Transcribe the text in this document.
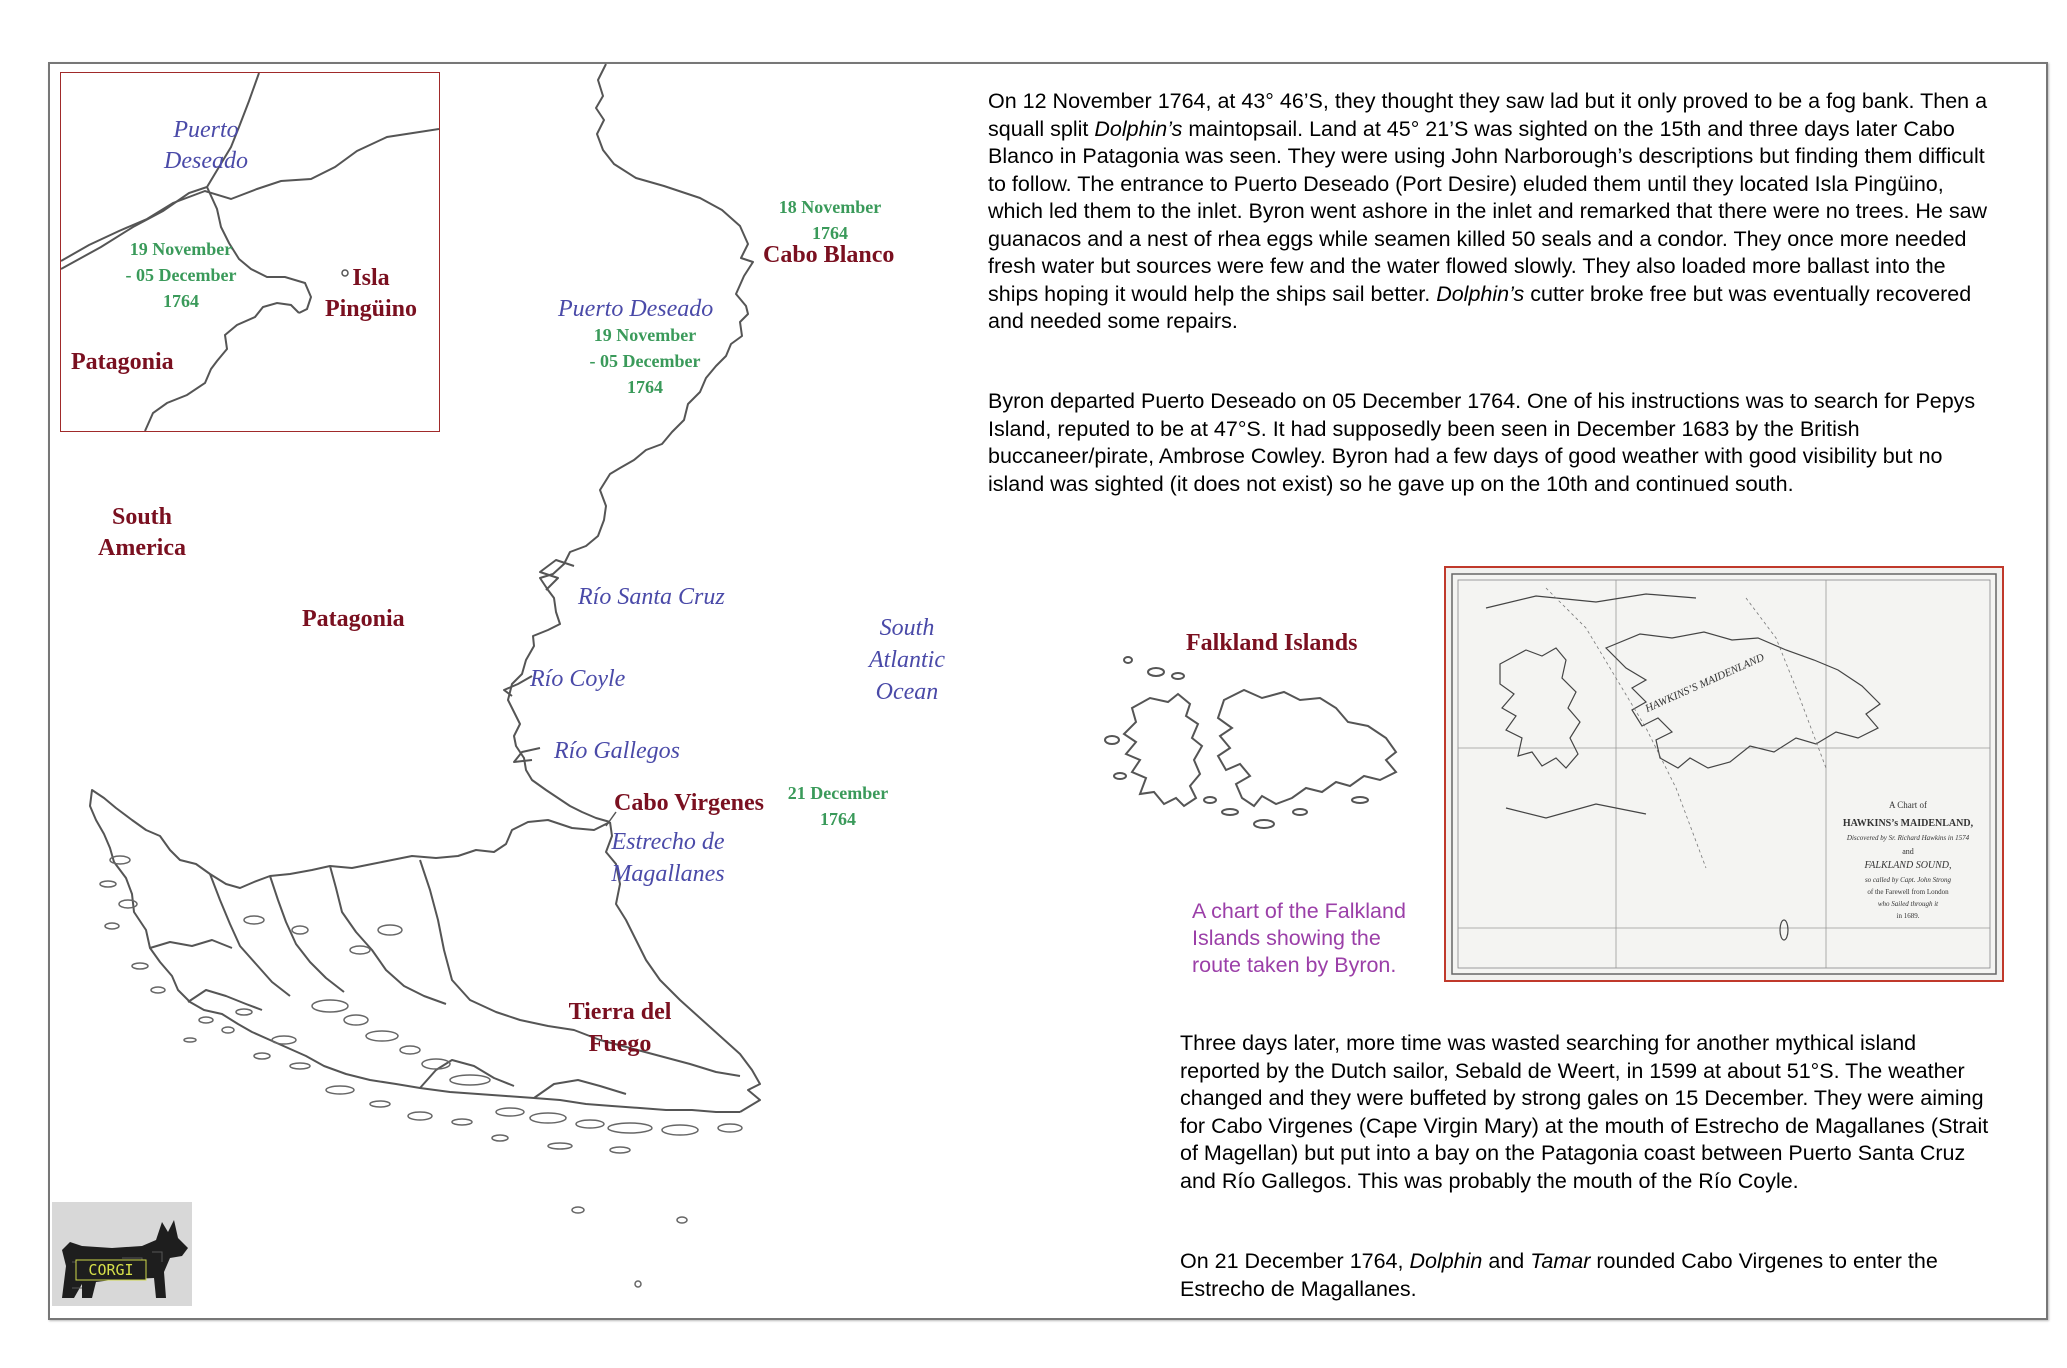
Puerto
Deseado
19 November
- 05 December
1764
Isla
Pingüino
Patagonia
South
America
Patagonia
18 November
1764
Cabo Blanco
Puerto Deseado
19 November
- 05 December
1764
Río Santa Cruz
Río Coyle
Río Gallegos
South
Atlantic
Ocean
Cabo Virgenes	21 December
1764
Estrecho de
Magallanes
Tierra del
Fuego
Falkland Islands
On 12 November 1764, at 43° 46’S, they thought they saw lad but it only proved to be a fog bank. Then a squall split Dolphin’s maintopsail. Land at 45° 21’S was sighted on the 15th and three days later Cabo Blanco in Patagonia was seen. They were using John Narborough’s descriptions but finding them difficult to follow. The entrance to Puerto Deseado (Port Desire) eluded them until they located Isla Pingüino, which led them to the inlet. Byron went ashore in the inlet and remarked that there were no trees. He saw guanacos and a nest of rhea eggs while seamen killed 50 seals and a condor. They once more needed fresh water but sources were few and the water flowed slowly. They also loaded more ballast into the ships hoping it would help the ships sail better. Dolphin’s cutter broke free but was eventually recovered and needed some repairs.
Byron departed Puerto Deseado on 05 December 1764. One of his instructions was to search for Pepys Island, reputed to be at 47°S. It had supposedly been seen in December 1683 by the British buccaneer/pirate, Ambrose Cowley. Byron had a few days of good weather with good visibility but no island was sighted (it does not exist) so he gave up on the 10th and continued south.
Three days later, more time was wasted searching for another mythical island reported by the Dutch sailor, Sebald de Weert, in 1599 at about 51°S. The weather changed and they were buffeted by strong gales on 15 December. They were aiming for Cabo Virgenes (Cape Virgin Mary) at the mouth of Estrecho de Magallanes (Strait of Magellan) but put into a bay on the Patagonia coast between Puerto Santa Cruz and Río Gallegos. This was probably the mouth of the Río Coyle.
On 21 December 1764, Dolphin and Tamar rounded Cabo Virgenes to enter the Estrecho de Magallanes.
HAWKINS’S MAIDENLAND
A Chart of
HAWKINS’s MAIDENLAND,
Discovered by Sr. Richard Hawkins in 1574
and
FALKLAND SOUND,
so called by Capt. John Strong
of the Farewell from London
who Sailed through it
in 1689.
A chart of the Falkland Islands showing the route taken by Byron.
CORGI
